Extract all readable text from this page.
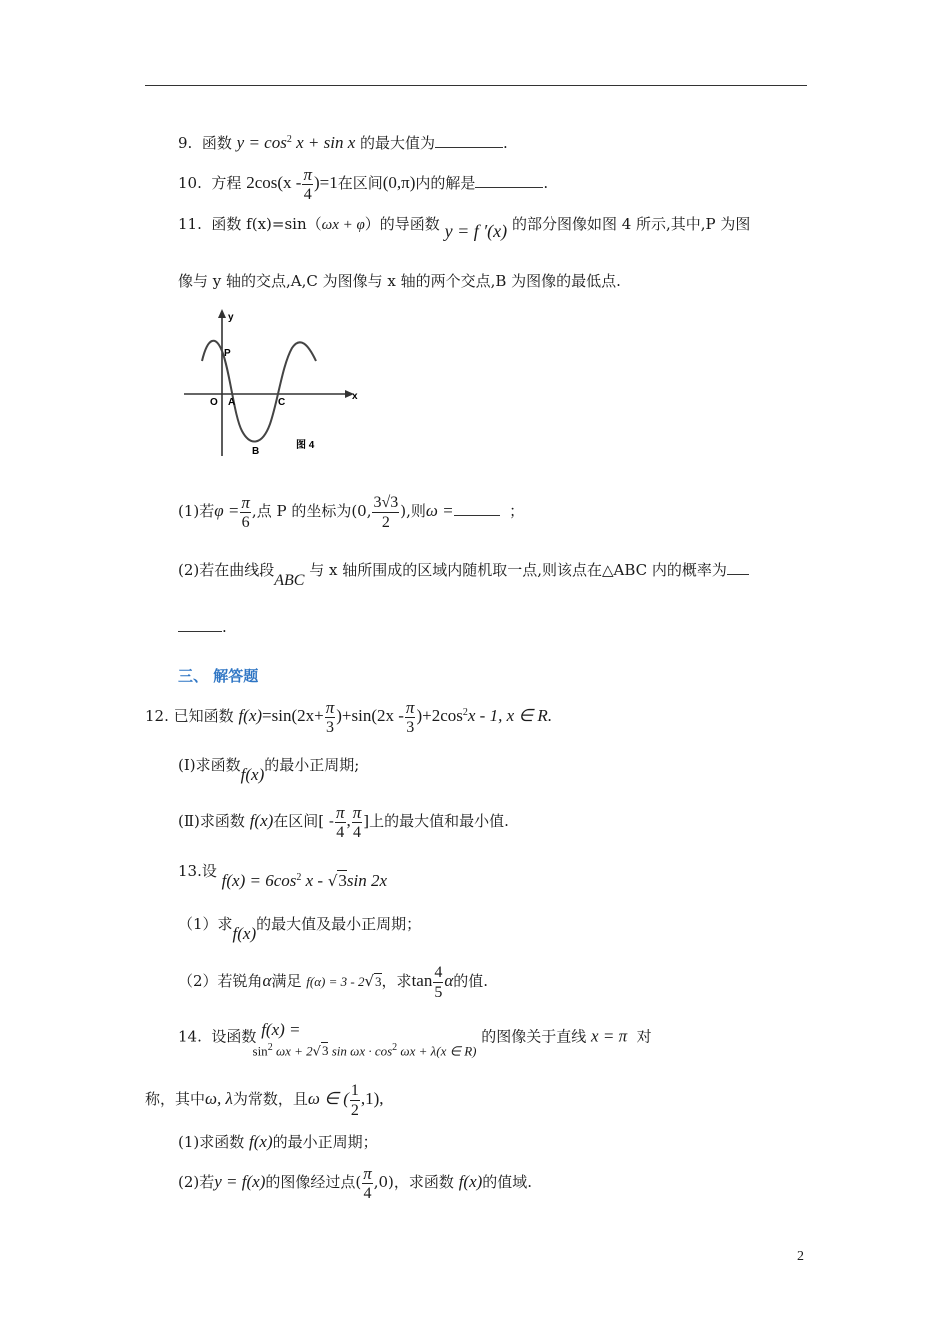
9. 函数 $y = \cos^2 x + \sin x$ 的最大值为	.
10. 方程 $2\cos(x - \frac{\pi}{4} )=1$在区间(0,π)内的解是	.
11. 函数 f(x)=sin（ωx + φ）的导函数 y = f ′(x) 的部分图像如图 4 所示,其中,P 为图
像与 y 轴的交点,A,C 为图像与 x 轴的两个交点,B 为图像的最低点.
y
x
O
P
A
B
C
图 4
(1)若$\varphi = \frac{\pi}{6}$ ,点 P 的坐标为(0, $\frac{3√3}{2}$ ),则ω =	；
(2)若在曲线段ABC 与 x 轴所围成的区域内随机取一点,则该点在△ABC 内的概率为
.
三、 解答题
12. 已知函数 $f(x)=\sin(2x+ \frac{\pi}{3} )+\sin(2x - \frac{\pi}{3} )+2\cos^2x - 1$, x ∈ R.
(Ⅰ)求函数f(x)的最小正周期;
(Ⅱ)求函数 f(x)在区间[ - $\frac{\pi}{4}$ , $\frac{\pi}{4}$ ]上的最大值和最小值.
13.设 $f(x) = 6\cos^2$ x - √3sin 2x
（1）求f(x)的最大值及最小正周期；
（2）若锐角α满足 f(α) = 3 - 2√3，求$\tan \frac{4}{5}$ α的值.
14. 设函数 $f(x) =\sin^2$ ωx + 2√3 $\sin \omega x \cdot \cos^2 \omega x + \lambda(x$ ∈ R) 的图像关于直线 x = π 对
称，其中ω, λ为常数，且ω ∈ ( $\frac{1}{2} ,1$),
(1)求函数 f(x)的最小正周期；
(2)若y = f(x)的图像经过点( $\frac{\pi}{4} ,0$)，求函数 f(x)的值域.
2
